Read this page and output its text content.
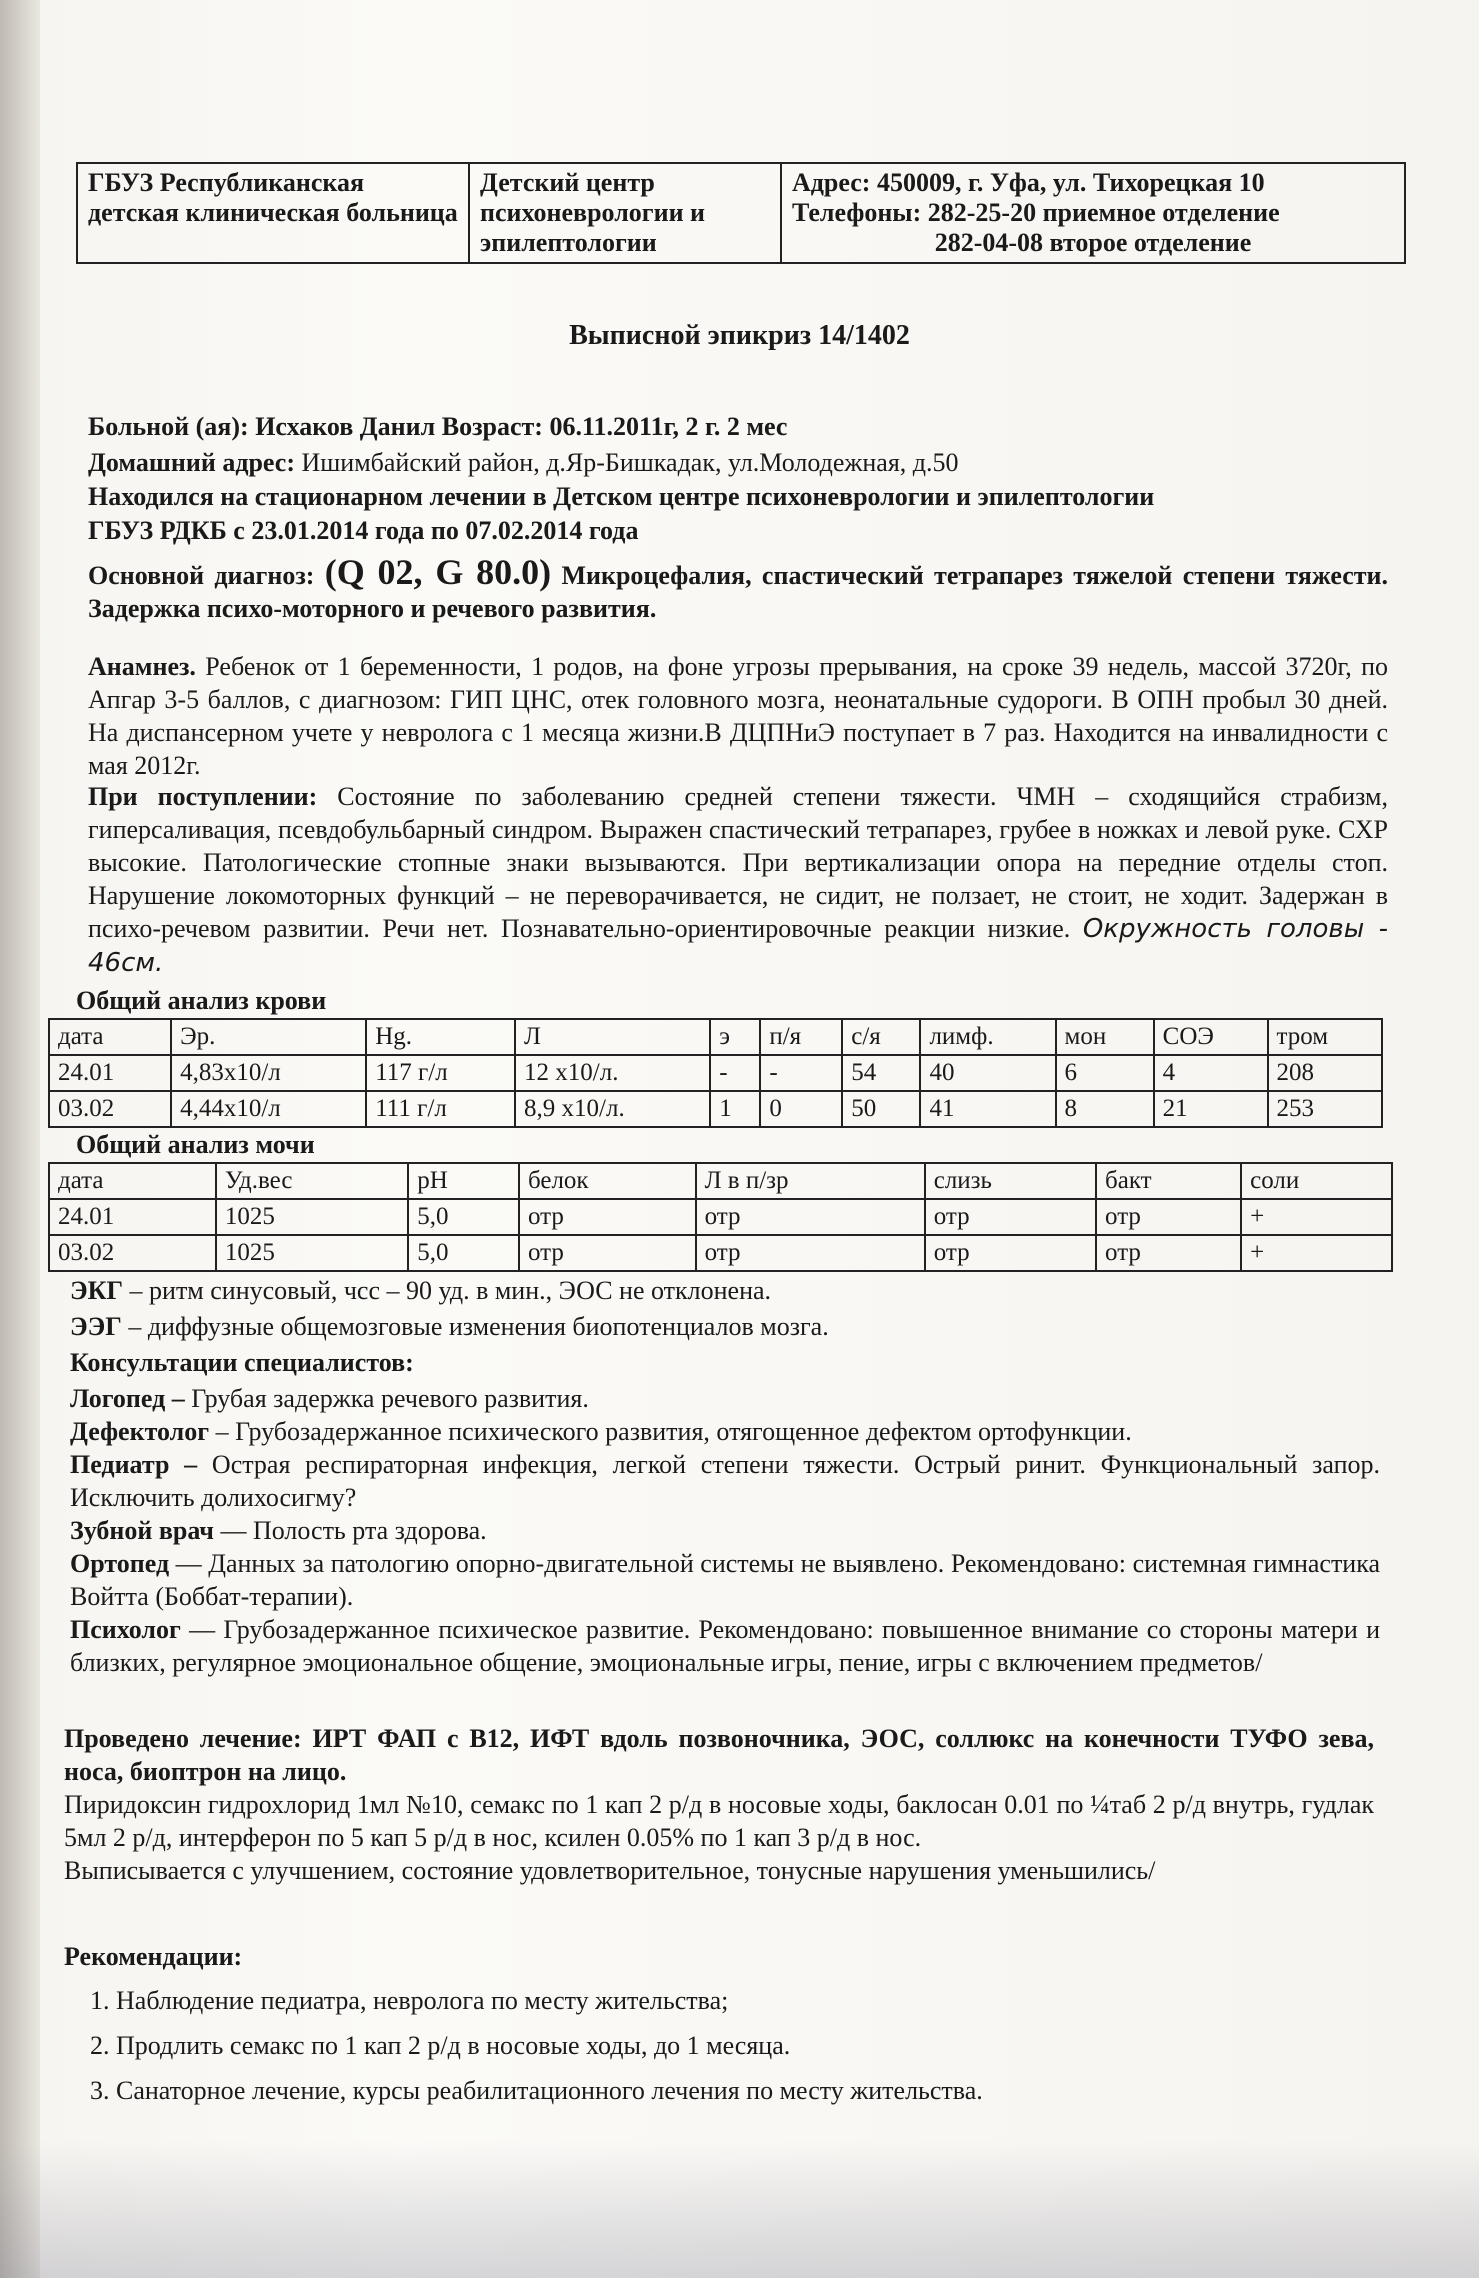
ГБУЗ Республиканская детская клиническая больница	Детский центр психоневрологии и эпилептологии	
Адрес: 450009, г. Уфа, ул. Тихорецкая 10
Телефоны: 282-25-20 приемное отделение
282-04-08 второе отделение
Выписной эпикриз 14/1402
Больной (ая): Исхаков Данил Возраст: 06.11.2011г, 2 г. 2 мес
Домашний адрес: Ишимбайский район, д.Яр-Бишкадак, ул.Молодежная, д.50
Находился на стационарном лечении в Детском центре психоневрологии и эпилептологии
ГБУЗ РДКБ с 23.01.2014 года по 07.02.2014 года
Основной диагноз: (Q 02, G 80.0) Микроцефалия, спастический тетрапарез тяжелой степени тяжести. Задержка психо-моторного и речевого развития.
Анамнез. Ребенок от 1 беременности, 1 родов, на фоне угрозы прерывания, на сроке 39 недель, массой 3720г, по Апгар 3-5 баллов, с диагнозом: ГИП ЦНС, отек головного мозга, неонатальные судороги. В ОПН пробыл 30 дней. На диспансерном учете у невролога с 1 месяца жизни.В ДЦПНиЭ поступает в 7 раз. Находится на инвалидности с мая 2012г.
При поступлении: Состояние по заболеванию средней степени тяжести. ЧМН – сходящийся страбизм, гиперсаливация, псевдобульбарный синдром. Выражен спастический тетрапарез, грубее в ножках и левой руке. СХР высокие. Патологические стопные знаки вызываются. При вертикализации опора на передние отделы стоп. Нарушение локомоторных функций – не переворачивается, не сидит, не ползает, не стоит, не ходит. Задержан в психо-речевом развитии. Речи нет. Познавательно-ориентировочные реакции низкие. Окружность головы - 46см.
Общий анализ крови
дата	Эр.	Hg.	Л	э	п/я	с/я	лимф.	мон	СОЭ	тром
24.01	4,83х10/л	117 г/л	12 х10/л.	-	-	54	40	6	4	208
03.02	4,44х10/л	111 г/л	8,9 х10/л.	1	0	50	41	8	21	253
Общий анализ мочи
дата	Уд.вес	pH	белок	Л в п/зр	слизь	бакт	соли
24.01	1025	5,0	отр	отр	отр	отр	+
03.02	1025	5,0	отр	отр	отр	отр	+
ЭКГ – ритм синусовый, чсс – 90 уд. в мин., ЭОС не отклонена.
ЭЭГ – диффузные общемозговые изменения биопотенциалов мозга.
Консультации специалистов:
Логопед – Грубая задержка речевого развития.
Дефектолог – Грубозадержанное психического развития, отягощенное дефектом ортофункции.
Педиатр – Острая респираторная инфекция, легкой степени тяжести. Острый ринит. Функциональный запор. Исключить долихосигму?
Зубной врач — Полость рта здорова.
Ортопед — Данных за патологию опорно-двигательной системы не выявлено. Рекомендовано: системная гимнастика Войтта (Боббат-терапии).
Психолог — Грубозадержанное психическое развитие. Рекомендовано: повышенное внимание со стороны матери и близких, регулярное эмоциональное общение, эмоциональные игры, пение, игры с включением предметов/
Проведено лечение: ИРТ ФАП с В12, ИФТ вдоль позвоночника, ЭОС, соллюкс на конечности ТУФО зева, носа, биоптрон на лицо.
Пиридоксин гидрохлорид 1мл №10, семакс по 1 кап 2 р/д в носовые ходы, баклосан 0.01 по ¼таб 2 р/д внутрь, гудлак 5мл 2 р/д, интерферон по 5 кап 5 р/д в нос, ксилен 0.05% по 1 кап 3 р/д в нос.
Выписывается с улучшением, состояние удовлетворительное, тонусные нарушения уменьшились/
Рекомендации:
1. Наблюдение педиатра, невролога по месту жительства;
2. Продлить семакс по 1 кап 2 р/д в носовые ходы, до 1 месяца.
3. Санаторное лечение, курсы реабилитационного лечения по месту жительства.
